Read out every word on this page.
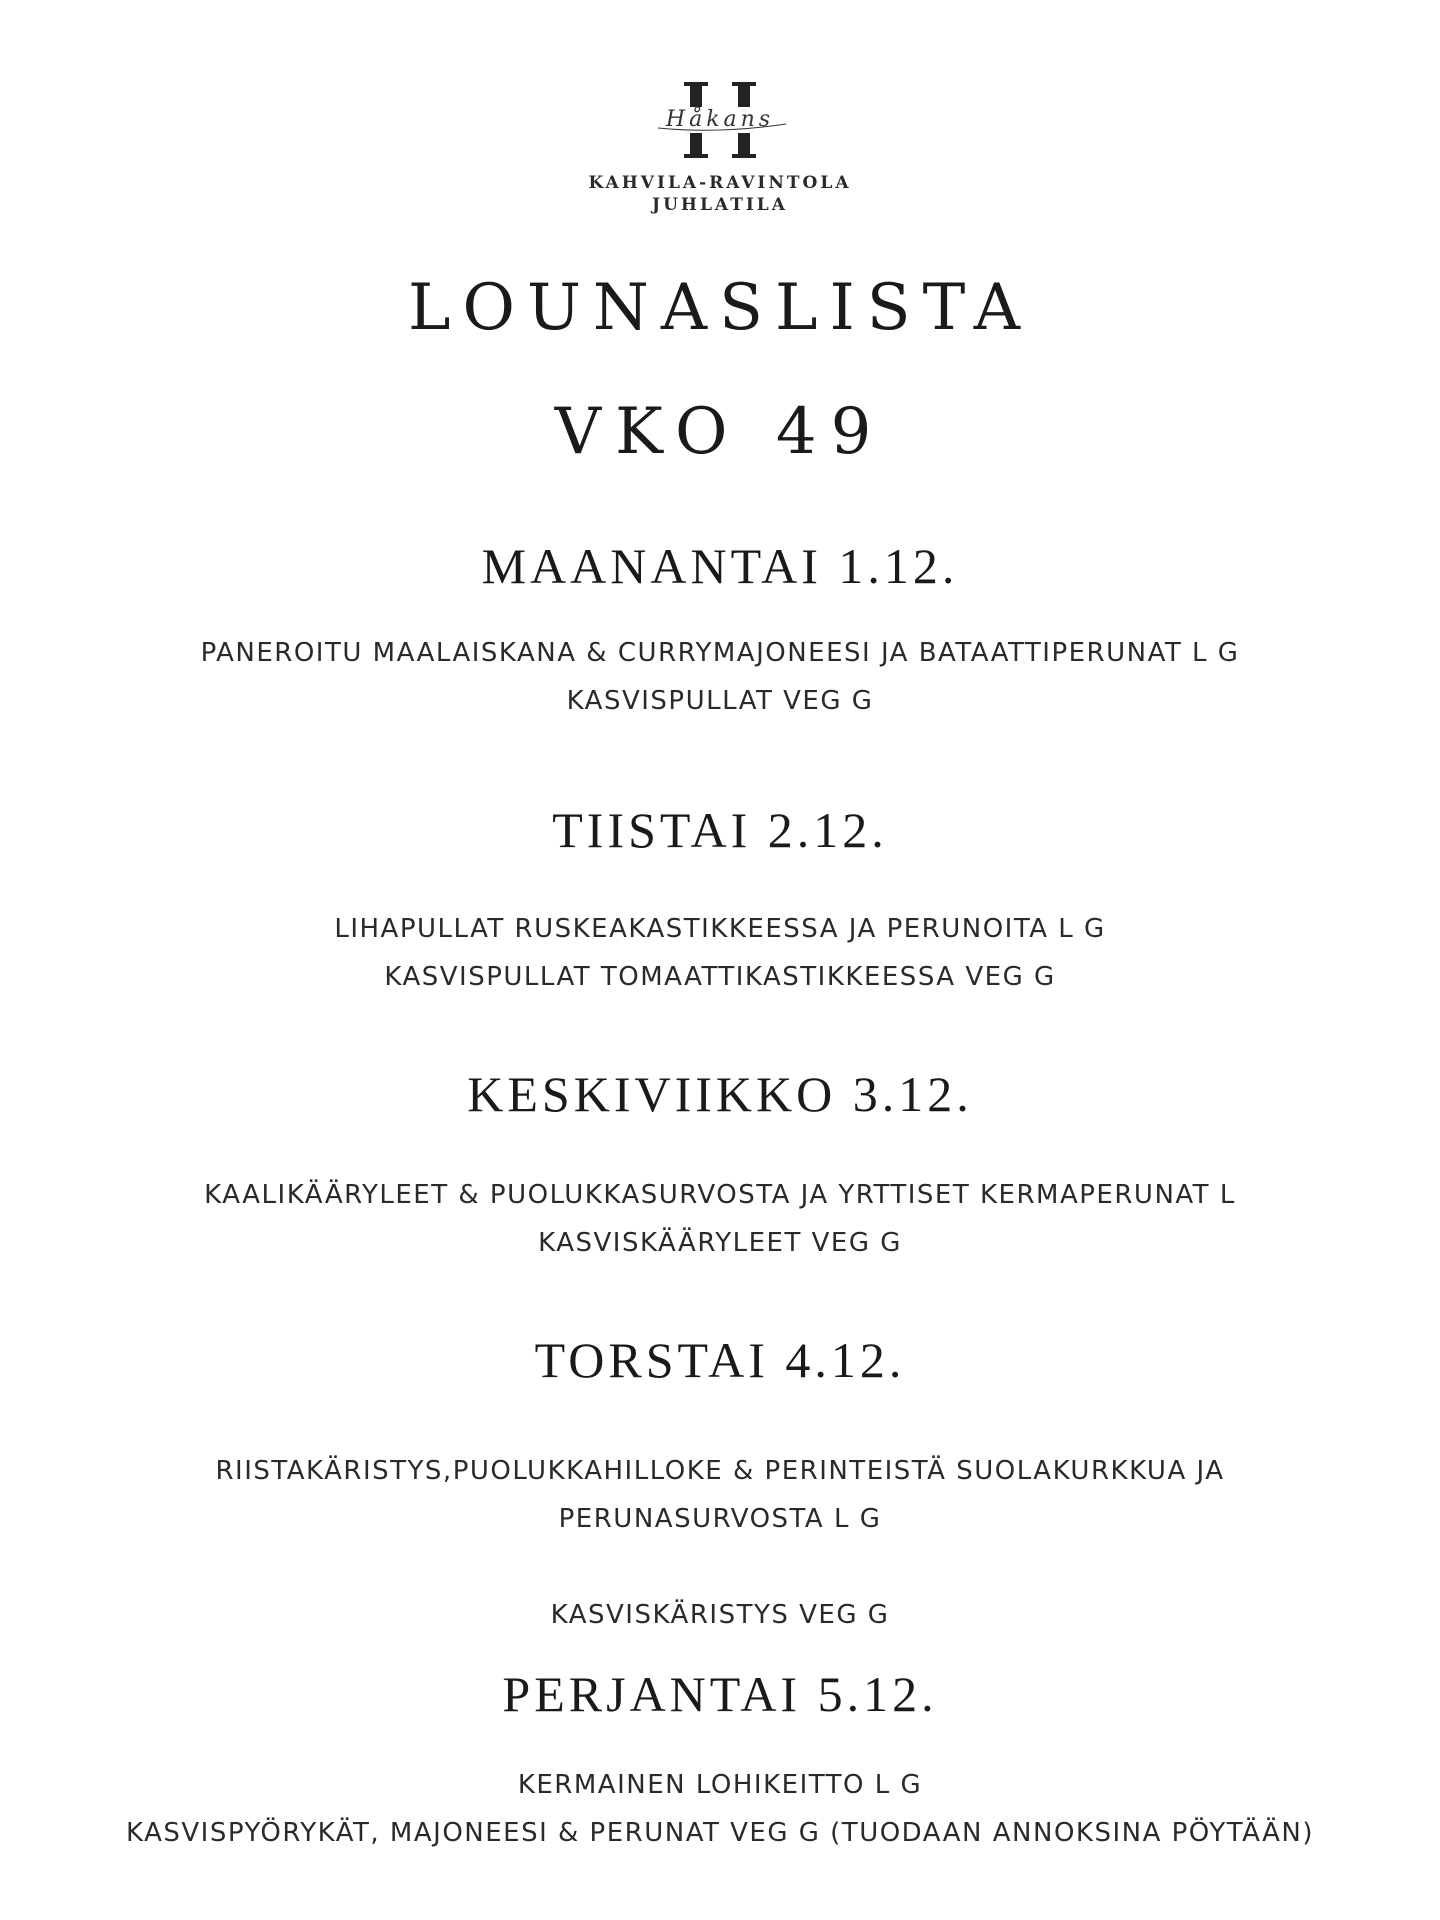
Håkans
KAHVILA-RAVINTOLA
JUHLATILA
LOUNASLISTA
VKO 49
MAANANTAI 1.12.

PANEROITU MAALAISKANA & CURRYMAJONEESI JA BATAATTIPERUNAT L G

KASVISPULLAT VEG G

TIISTAI 2.12.

LIHAPULLAT RUSKEAKASTIKKEESSA JA PERUNOITA L G

KASVISPULLAT TOMAATTIKASTIKKEESSA VEG G

KESKIVIIKKO 3.12.

KAALIKÄÄRYLEET & PUOLUKKASURVOSTA JA YRTTISET KERMAPERUNAT L

KASVISKÄÄRYLEET VEG G

TORSTAI 4.12.

RIISTAKÄRISTYS,PUOLUKKAHILLOKE & PERINTEISTÄ SUOLAKURKKUA JA

PERUNASURVOSTA L G

KASVISKÄRISTYS VEG G

PERJANTAI 5.12.

KERMAINEN LOHIKEITTO L G

KASVISPYÖRYKÄT, MAJONEESI & PERUNAT VEG G (TUODAAN ANNOKSINA PÖYTÄÄN)
